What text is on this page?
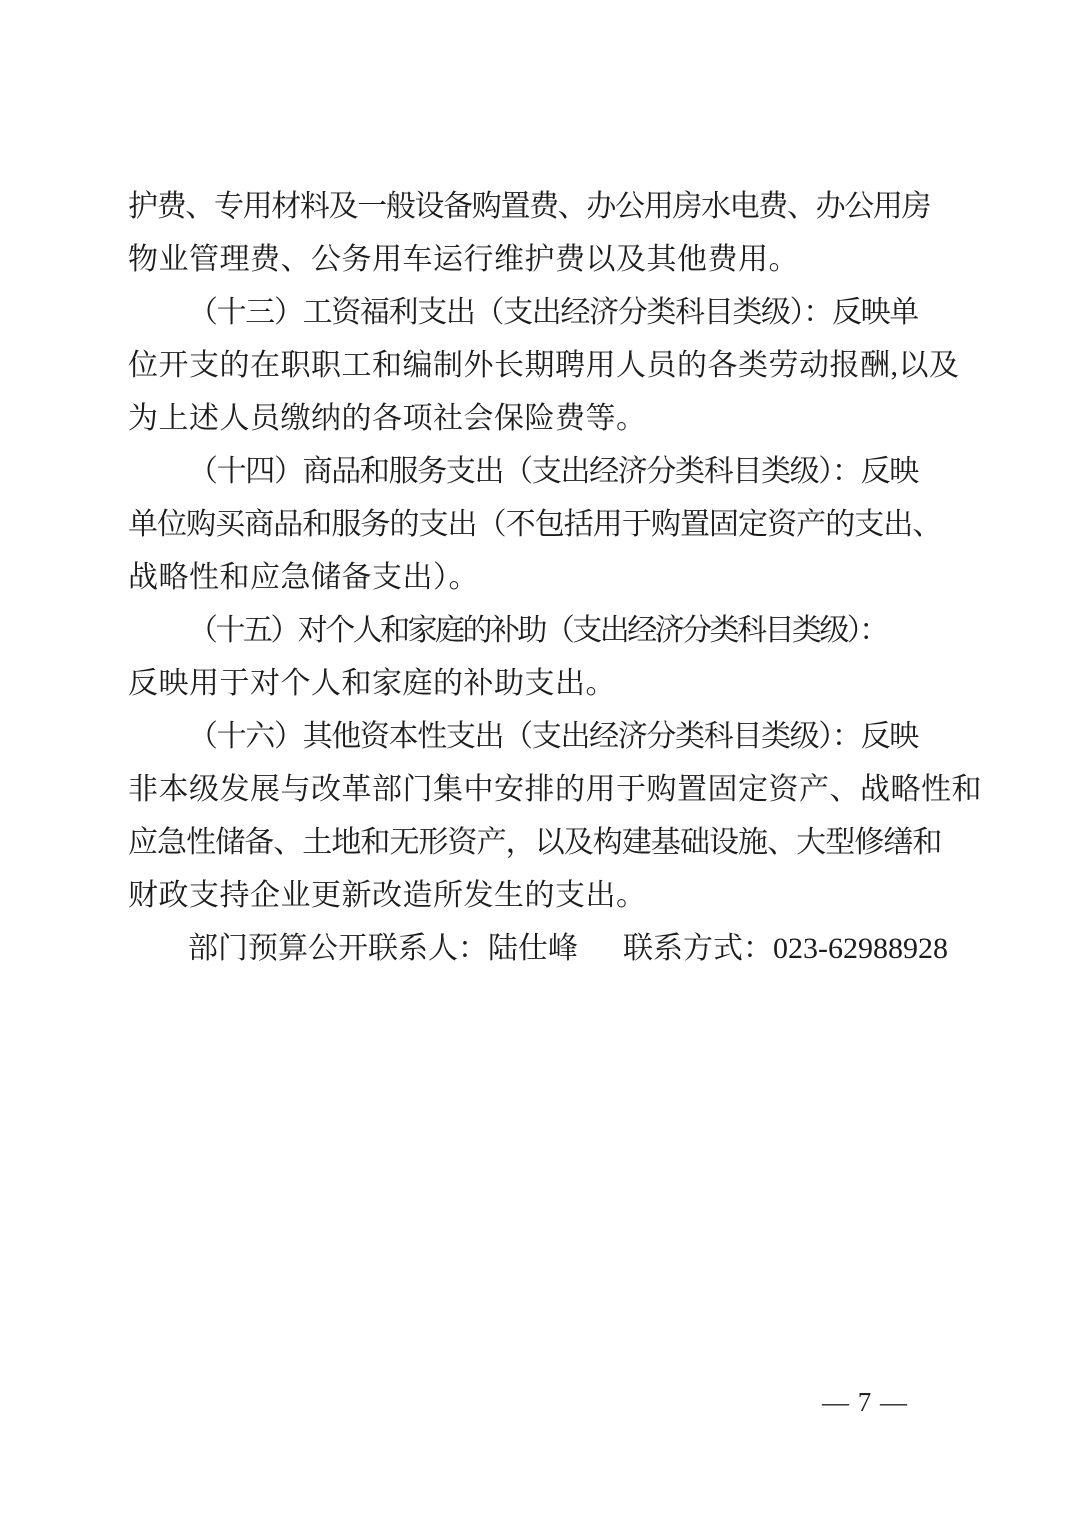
护费、专用材料及一般设备购置费、办公用房水电费、办公用房
物业管理费、公务用车运行维护费以及其他费用。
（十三）工资福利支出（支出经济分类科目类级）：反映单
位开支的在职职工和编制外长期聘用人员的各类劳动报酬,以及
为上述人员缴纳的各项社会保险费等。
（十四）商品和服务支出（支出经济分类科目类级）：反映
单位购买商品和服务的支出（不包括用于购置固定资产的支出、
战略性和应急储备支出）。
（十五）对个人和家庭的补助（支出经济分类科目类级）：
反映用于对个人和家庭的补助支出。
（十六）其他资本性支出（支出经济分类科目类级）：反映
非本级发展与改革部门集中安排的用于购置固定资产、战略性和
应急性储备、土地和无形资产，以及构建基础设施、大型修缮和
财政支持企业更新改造所发生的支出。
部门预算公开联系人：陆仕峰 联系方式：023-62988928
— 7 —
